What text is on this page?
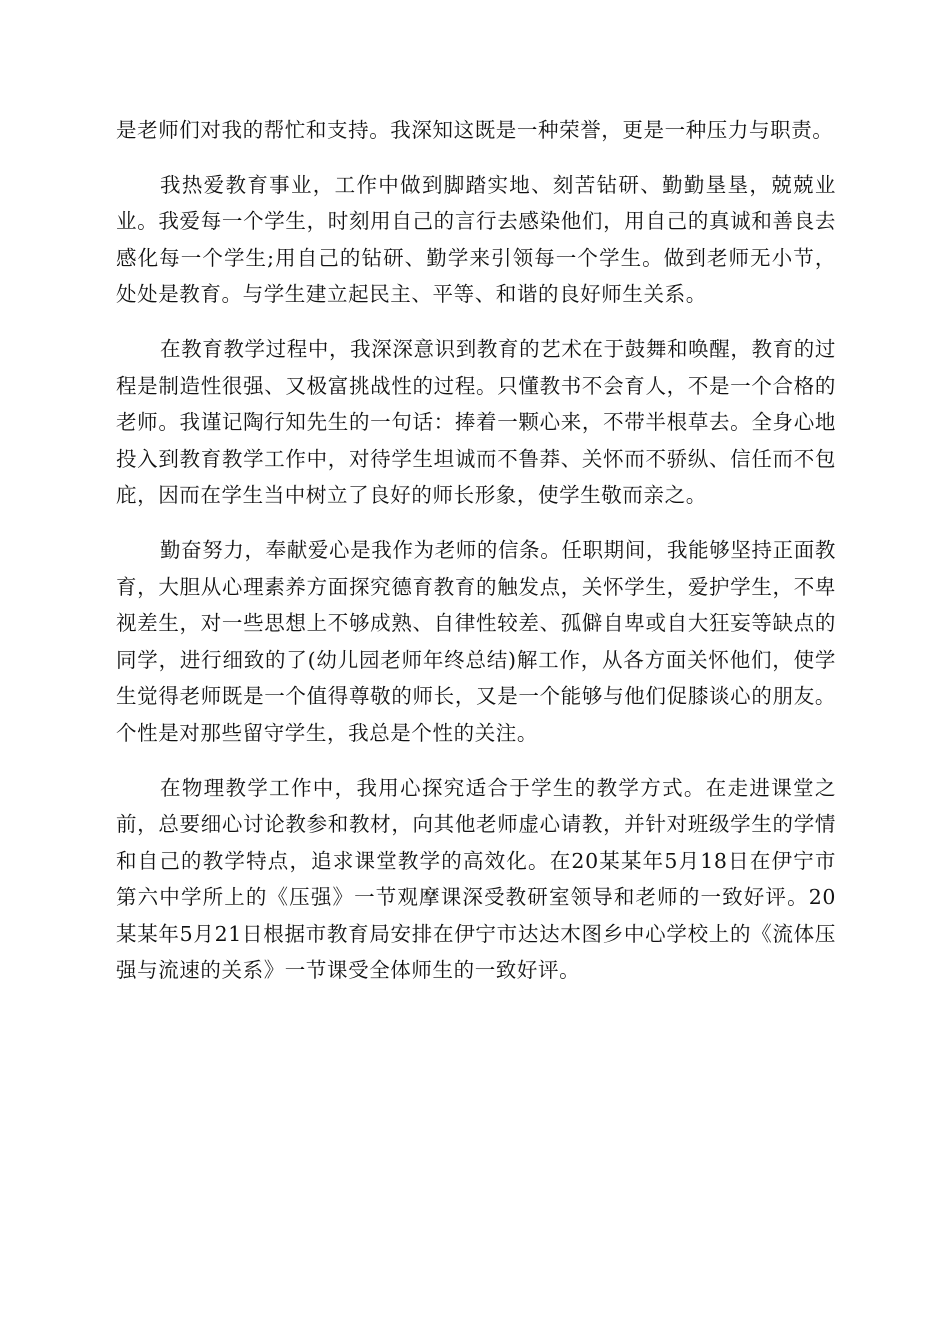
是老师们对我的帮忙和支持。我深知这既是一种荣誉，更是一种压力与职责。

我热爱教育事业，工作中做到脚踏实地、刻苦钻研、勤勤垦垦，兢兢业业。我爱每一个学生，时刻用自己的言行去感染他们，用自己的真诚和善良去感化每一个学生;用自己的钻研、勤学来引领每一个学生。做到老师无小节，处处是教育。与学生建立起民主、平等、和谐的良好师生关系。

在教育教学过程中，我深深意识到教育的艺术在于鼓舞和唤醒，教育的过程是制造性很强、又极富挑战性的过程。只懂教书不会育人，不是一个合格的老师。我谨记陶行知先生的一句话：捧着一颗心来，不带半根草去。全身心地投入到教育教学工作中，对待学生坦诚而不鲁莽、关怀而不骄纵、信任而不包庇，因而在学生当中树立了良好的师长形象，使学生敬而亲之。

勤奋努力，奉献爱心是我作为老师的信条。任职期间，我能够坚持正面教育，大胆从心理素养方面探究德育教育的触发点，关怀学生，爱护学生，不卑视差生，对一些思想上不够成熟、自律性较差、孤僻自卑或自大狂妄等缺点的同学，进行细致的了(幼儿园老师年终总结)解工作，从各方面关怀他们，使学生觉得老师既是一个值得尊敬的师长，又是一个能够与他们促膝谈心的朋友。个性是对那些留守学生，我总是个性的关注。

在物理教学工作中，我用心探究适合于学生的教学方式。在走进课堂之前，总要细心讨论教参和教材，向其他老师虚心请教，并针对班级学生的学情和自己的教学特点，追求课堂教学的高效化。在20某某年5月18日在伊宁市第六中学所上的《压强》一节观摩课深受教研室领导和老师的一致好评。20某某年5月21日根据市教育局安排在伊宁市达达木图乡中心学校上的《流体压强与流速的关系》一节课受全体师生的一致好评。
